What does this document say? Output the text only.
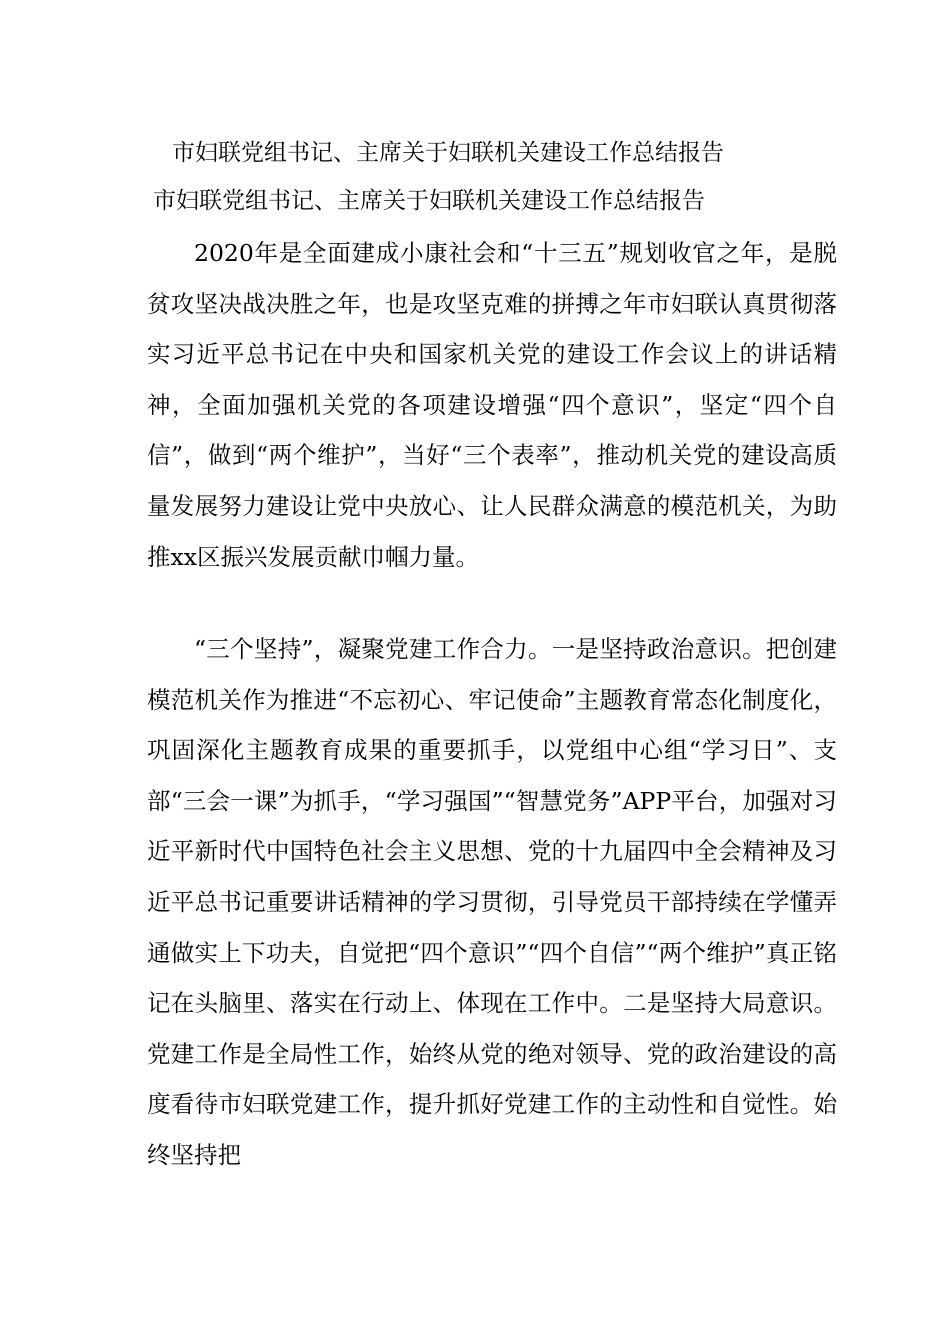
市妇联党组书记、主席关于妇联机关建设工作总结报告
市妇联党组书记、主席关于妇联机关建设工作总结报告

2020年是全面建成小康社会和“十三五”规划收官之年，是脱贫攻坚决战决胜之年，也是攻坚克难的拼搏之年市妇联认真贯彻落实习近平总书记在中央和国家机关党的建设工作会议上的讲话精神，全面加强机关党的各项建设增强“四个意识”，坚定“四个自信”，做到“两个维护”，当好“三个表率”，推动机关党的建设高质量发展努力建设让党中央放心、让人民群众满意的模范机关，为助推xx区振兴发展贡献巾帼力量。

“三个坚持”，凝聚党建工作合力。一是坚持政治意识。把创建模范机关作为推进“不忘初心、牢记使命”主题教育常态化制度化，巩固深化主题教育成果的重要抓手，以党组中心组“学习日”、支部“三会一课”为抓手，“学习强国”“智慧党务”APP平台，加强对习近平新时代中国特色社会主义思想、党的十九届四中全会精神及习近平总书记重要讲话精神的学习贯彻，引导党员干部持续在学懂弄通做实上下功夫，自觉把“四个意识”“四个自信”“两个维护”真正铭记在头脑里、落实在行动上、体现在工作中。二是坚持大局意识。党建工作是全局性工作，始终从党的绝对领导、党的政治建设的高度看待市妇联党建工作，提升抓好党建工作的主动性和自觉性。始终坚持把
